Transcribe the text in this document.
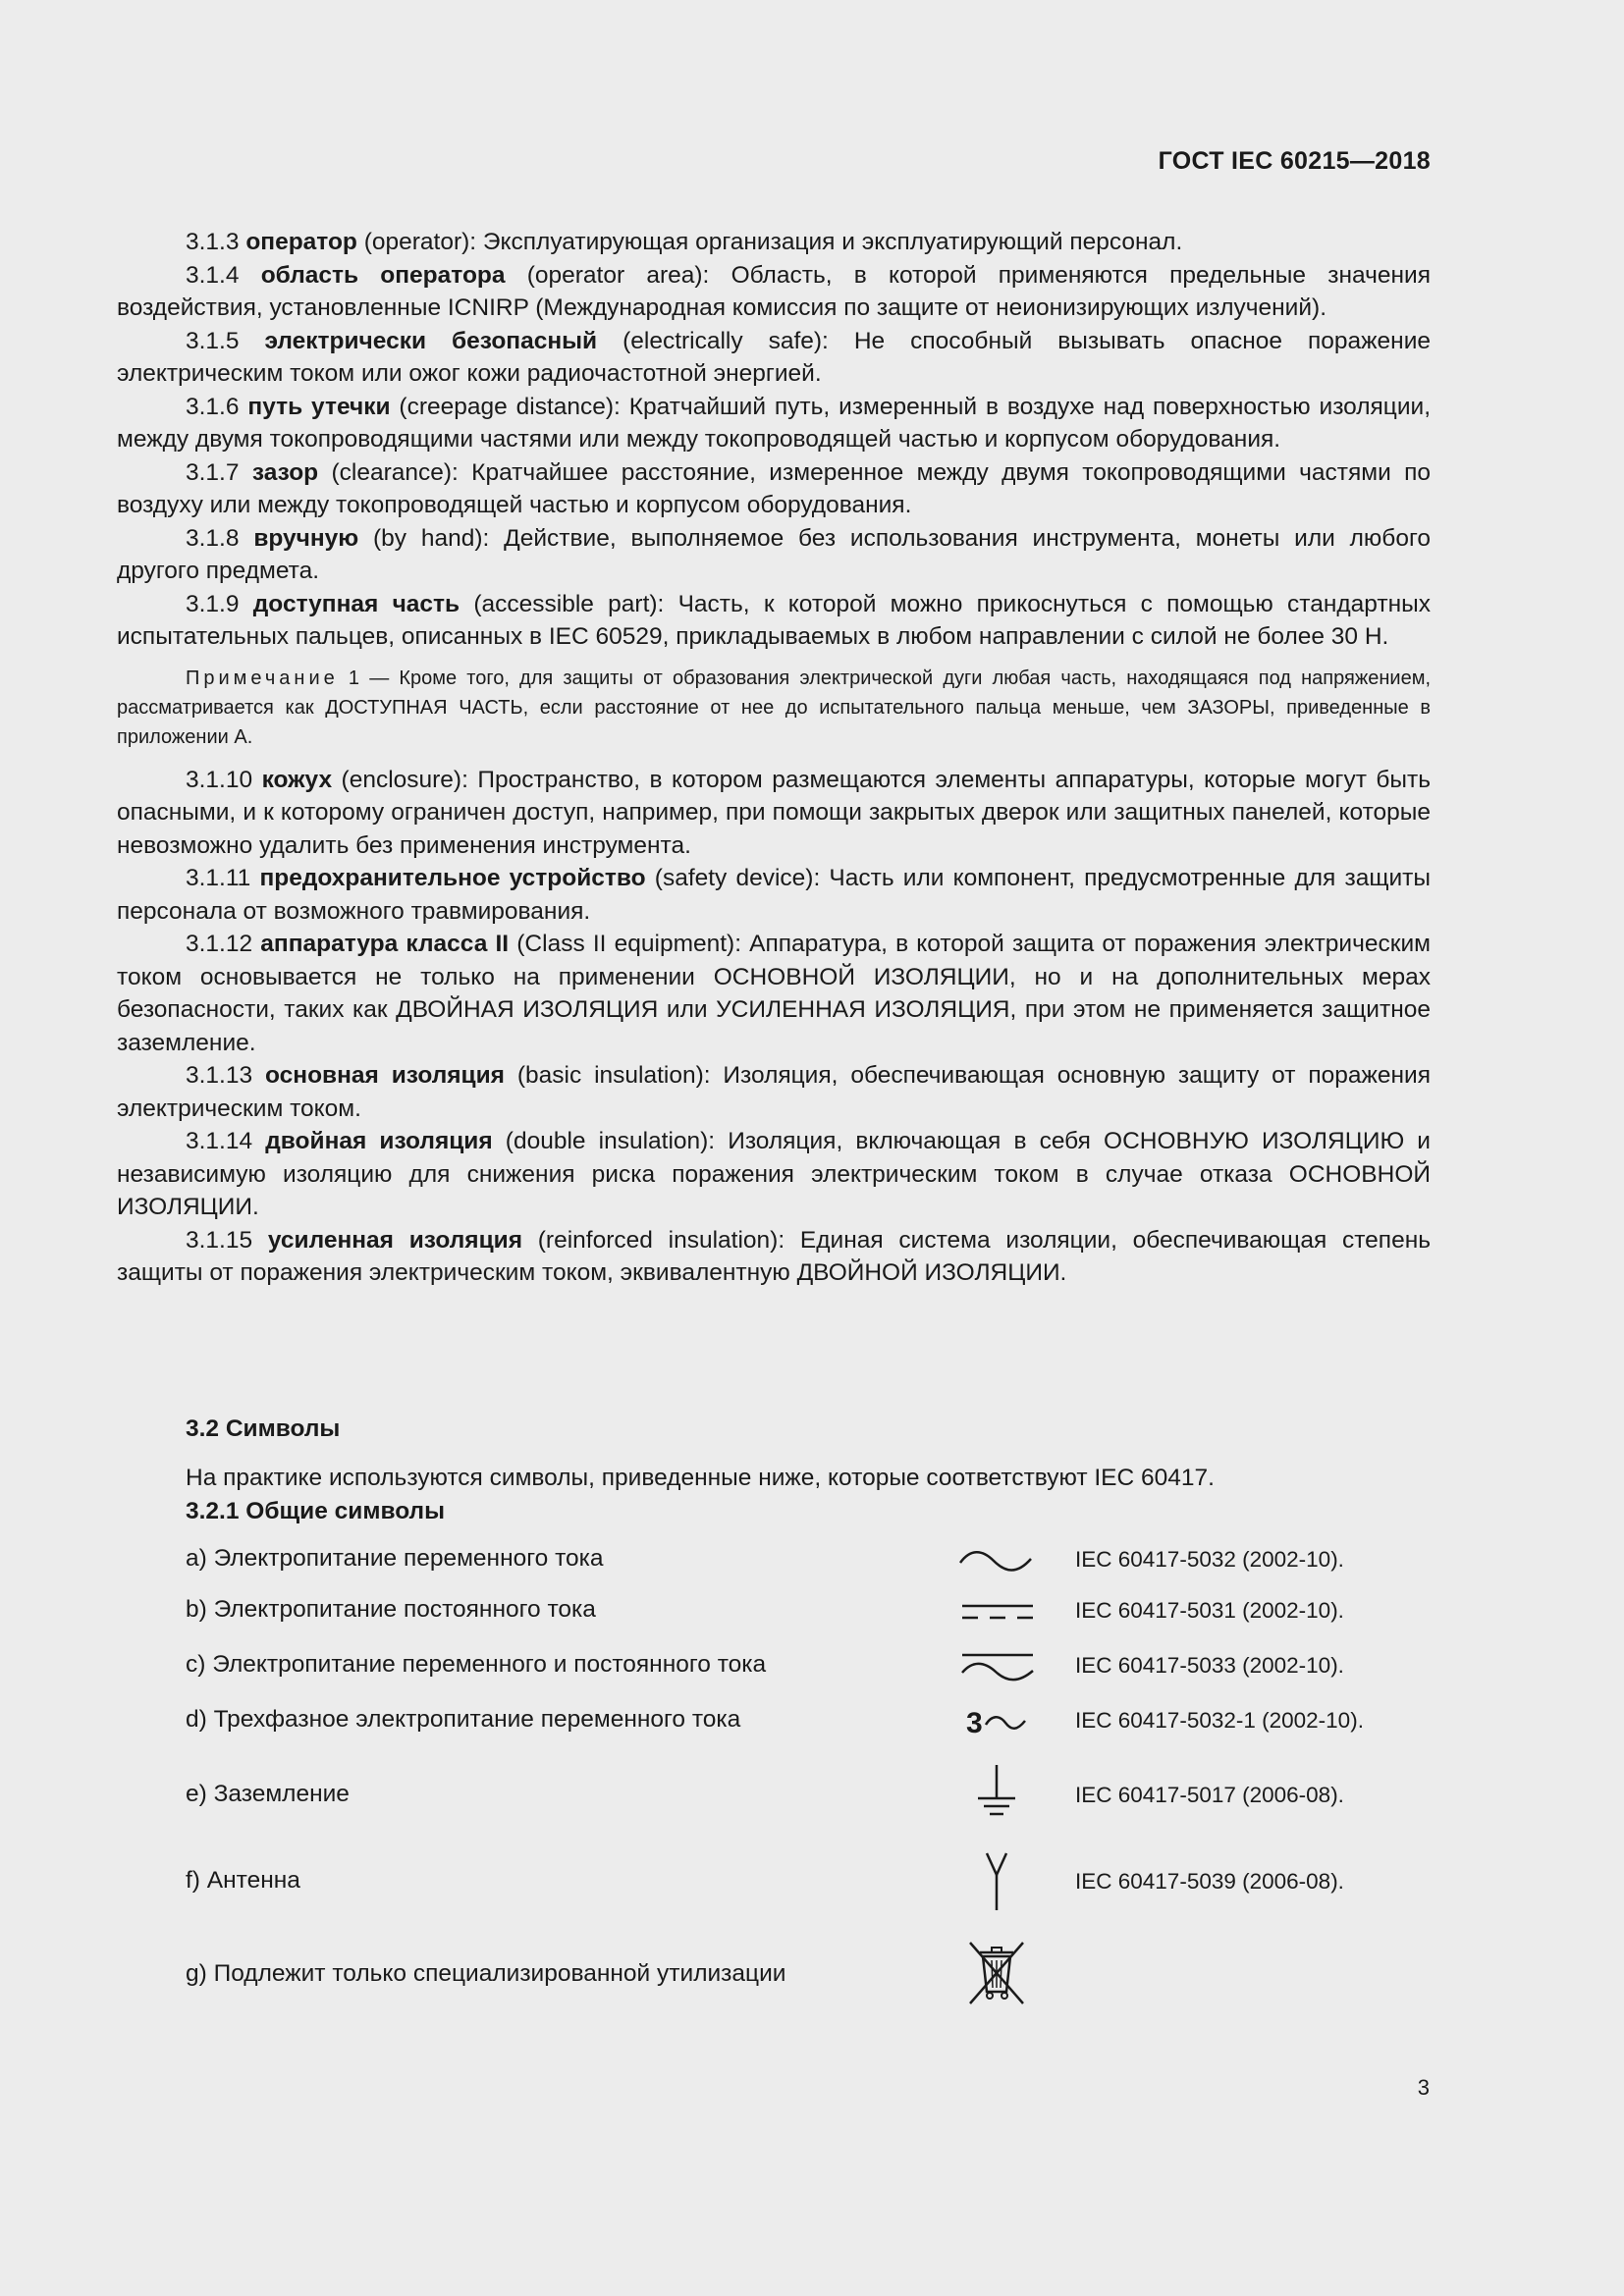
ГОСТ IEC 60215—2018

3.1.3 оператор (operator): Эксплуатирующая организация и эксплуатирующий персонал.

3.1.4 область оператора (operator area): Область, в которой применяются предельные значения воздействия, установленные ICNIRP (Международная комиссия по защите от неионизирующих излучений).

3.1.5 электрически безопасный (electrically safe): Не способный вызывать опасное поражение электрическим током или ожог кожи радиочастотной энергией.

3.1.6 путь утечки (creepage distance): Кратчайший путь, измеренный в воздухе над поверхностью изоляции, между двумя токопроводящими частями или между токопроводящей частью и корпусом оборудования.

3.1.7 зазор (clearance): Кратчайшее расстояние, измеренное между двумя токопроводящими частями по воздуху или между токопроводящей частью и корпусом оборудования.

3.1.8 вручную (by hand): Действие, выполняемое без использования инструмента, монеты или любого другого предмета.

3.1.9 доступная часть (accessible part): Часть, к которой можно прикоснуться с помощью стандартных испытательных пальцев, описанных в IEC 60529, прикладываемых в любом направлении с силой не более 30 Н.

Примечание 1 — Кроме того, для защиты от образования электрической дуги любая часть, находящаяся под напряжением, рассматривается как ДОСТУПНАЯ ЧАСТЬ, если расстояние от нее до испытательного пальца меньше, чем ЗАЗОРЫ, приведенные в приложении А.

3.1.10 кожух (enclosure): Пространство, в котором размещаются элементы аппаратуры, которые могут быть опасными, и к которому ограничен доступ, например, при помощи закрытых дверок или защитных панелей, которые невозможно удалить без применения инструмента.

3.1.11 предохранительное устройство (safety device): Часть или компонент, предусмотренные для защиты персонала от возможного травмирования.

3.1.12 аппаратура класса II (Class II equipment): Аппаратура, в которой защита от поражения электрическим током основывается не только на применении ОСНОВНОЙ ИЗОЛЯЦИИ, но и на дополнительных мерах безопасности, таких как ДВОЙНАЯ ИЗОЛЯЦИЯ или УСИЛЕННАЯ ИЗОЛЯЦИЯ, при этом не применяется защитное заземление.

3.1.13 основная изоляция (basic insulation): Изоляция, обеспечивающая основную защиту от поражения электрическим током.

3.1.14 двойная изоляция (double insulation): Изоляция, включающая в себя ОСНОВНУЮ ИЗОЛЯЦИЮ и независимую изоляцию для снижения риска поражения электрическим током в случае отказа ОСНОВНОЙ ИЗОЛЯЦИИ.

3.1.15 усиленная изоляция (reinforced insulation): Единая система изоляции, обеспечивающая степень защиты от поражения электрическим током, эквивалентную ДВОЙНОЙ ИЗОЛЯЦИИ.

3.2 Символы
На практике используются символы, приведенные ниже, которые соответствуют IEC 60417.
3.2.1 Общие символы
a) Электропитание переменного тока	IEC 60417-5032 (2002-10).
b) Электропитание постоянного тока	IEC 60417-5031 (2002-10).
c) Электропитание переменного и постоянного тока	IEC 60417-5033 (2002-10).
d) Трехфазное электропитание переменного тока	3	IEC 60417-5032-1 (2002-10).
e) Заземление	IEC 60417-5017 (2006-08).
f) Антенна	IEC 60417-5039 (2006-08).
g) Подлежит только специализированной утилизации
3
